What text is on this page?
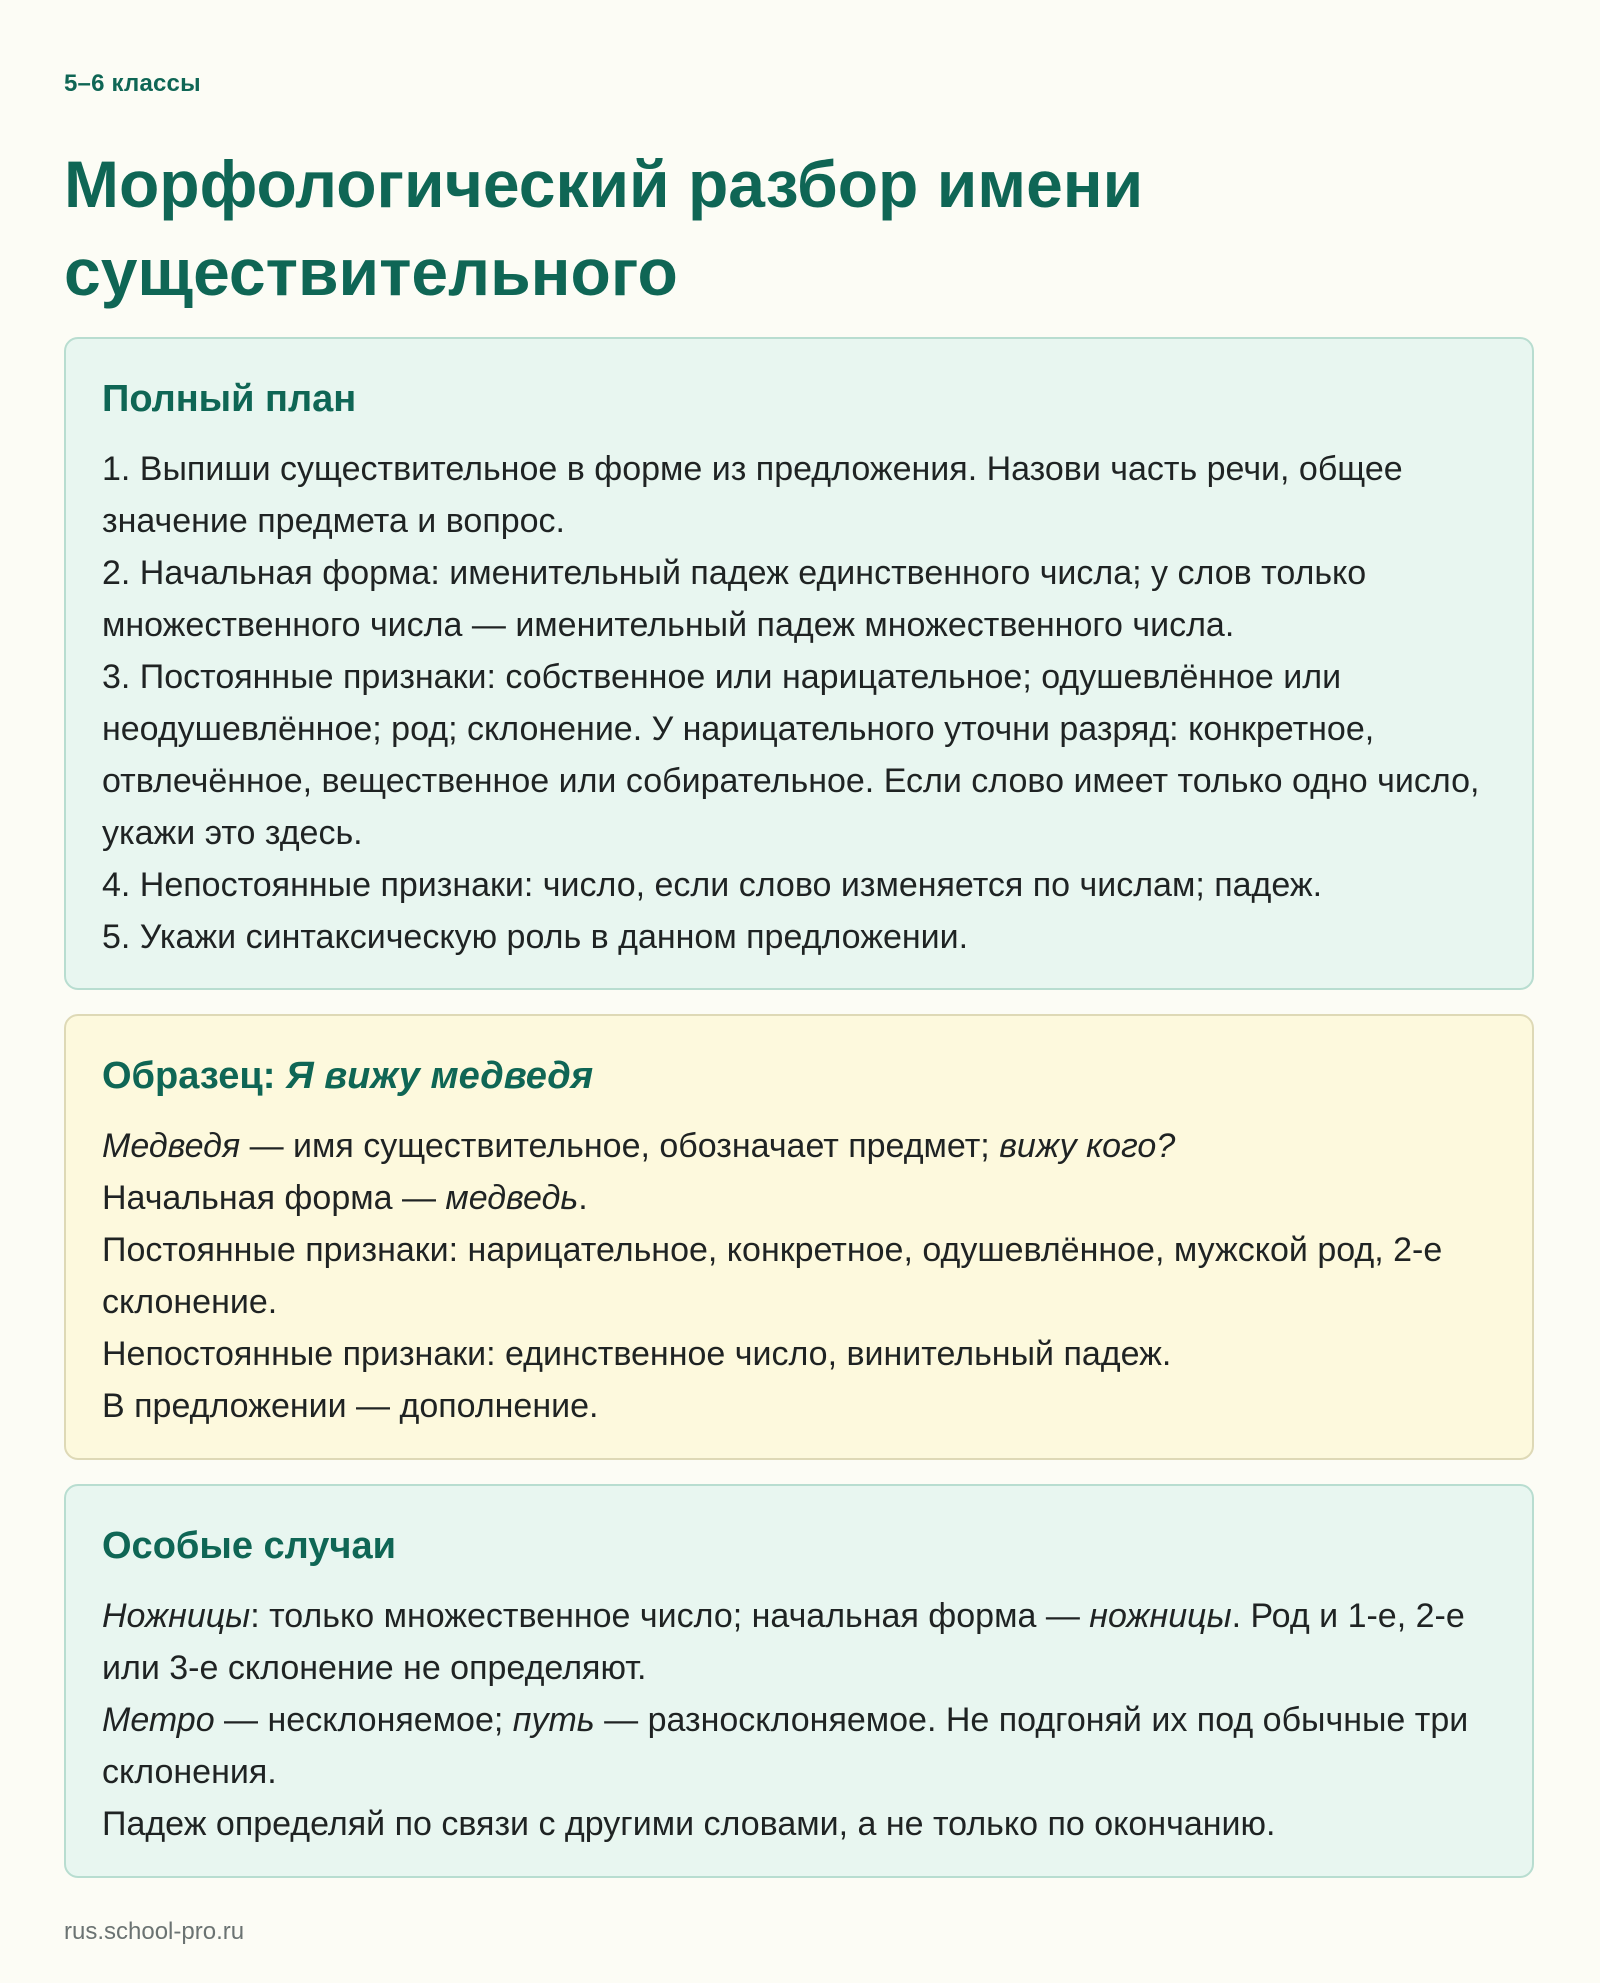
5–6 классы
Морфологический разбор имени существительного
Полный план
1. Выпиши существительное в форме из предложения. Назови часть речи, общее значение предмета и вопрос.
2. Начальная форма: именительный падеж единственного числа; у слов только множественного числа — именительный падеж множественного числа.
3. Постоянные признаки: собственное или нарицательное; одушевлённое или неодушевлённое; род; склонение. У нарицательного уточни разряд: конкретное, отвлечённое, вещественное или собирательное. Если слово имеет только одно число, укажи это здесь.
4. Непостоянные признаки: число, если слово изменяется по числам; падеж.
5. Укажи синтаксическую роль в данном предложении.
Образец: Я вижу медведя
Медведя — имя существительное, обозначает предмет; вижу кого?
Начальная форма — медведь.
Постоянные признаки: нарицательное, конкретное, одушевлённое, мужской род, 2-е склонение.
Непостоянные признаки: единственное число, винительный падеж.
В предложении — дополнение.
Особые случаи
Ножницы: только множественное число; начальная форма — ножницы. Род и 1-е, 2-е или 3-е склонение не определяют.
Метро — несклоняемое; путь — разносклоняемое. Не подгоняй их под обычные три склонения.
Падеж определяй по связи с другими словами, а не только по окончанию.
rus.school-pro.ru
